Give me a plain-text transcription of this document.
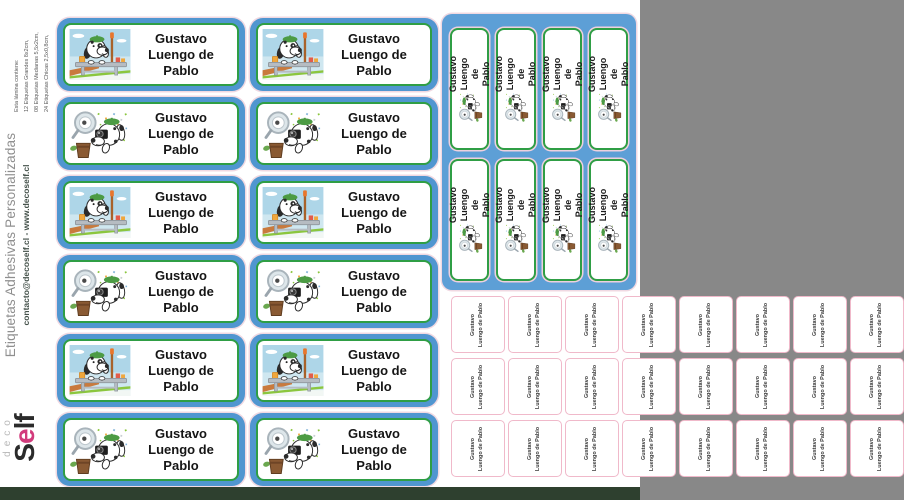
Esta lámina contiene: 12 Etiquetas Grandes 8x2cm, 08 Etiquetas Medianas 5,5x2cm, 24 Etiquetas Chicas 2,5x0,8cm,
Etiquetas Adhesivas Personalizadas contacto@decoself.cl - www.decoself.cl
deco
Self
Gustavo
Luengo de Pablo
Gustavo
Luengo de Pablo
Gustavo
Luengo de Pablo
Gustavo
Luengo de Pablo
Gustavo
Luengo de Pablo
Gustavo
Luengo de Pablo
Gustavo
Luengo de Pablo
Gustavo
Luengo de Pablo
Gustavo
Luengo de Pablo
Gustavo
Luengo de Pablo
Gustavo
Luengo de Pablo
Gustavo
Luengo de Pablo
Gustavo Luengo de Pablo Gustavo Luengo de Pablo Gustavo Luengo de Pablo Gustavo Luengo de Pablo
Gustavo Luengo de Pablo Gustavo Luengo de Pablo Gustavo Luengo de Pablo Gustavo Luengo de Pablo
Gustavo Luengo de Pablo	Gustavo Luengo de Pablo	Gustavo Luengo de Pablo	Gustavo Luengo de Pablo	Gustavo Luengo de Pablo	Gustavo Luengo de Pablo	Gustavo Luengo de Pablo	Gustavo Luengo de Pablo
Gustavo Luengo de Pablo	Gustavo Luengo de Pablo	Gustavo Luengo de Pablo	Gustavo Luengo de Pablo	Gustavo Luengo de Pablo	Gustavo Luengo de Pablo	Gustavo Luengo de Pablo	Gustavo Luengo de Pablo
Gustavo Luengo de Pablo	Gustavo Luengo de Pablo	Gustavo Luengo de Pablo	Gustavo Luengo de Pablo	Gustavo Luengo de Pablo	Gustavo Luengo de Pablo	Gustavo Luengo de Pablo	Gustavo Luengo de Pablo
